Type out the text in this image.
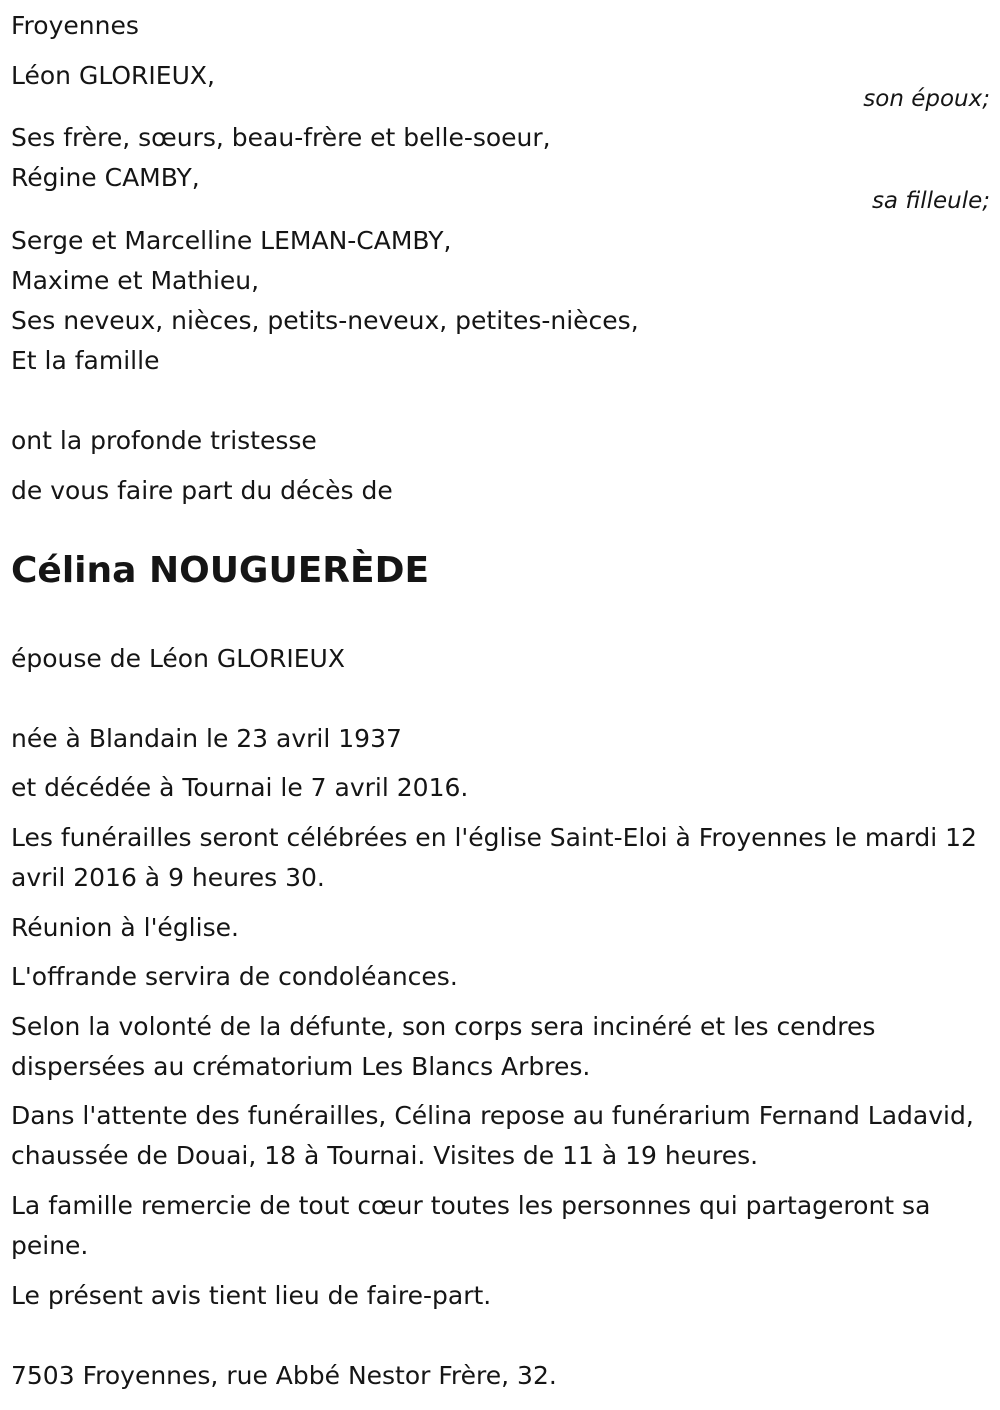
Froyennes

Léon GLORIEUX,

son époux;

Ses frère, sœurs, beau-frère et belle-soeur,

Régine CAMBY,

sa filleule;

Serge et Marcelline LEMAN-CAMBY,

Maxime et Mathieu,

Ses neveux, nièces, petits-neveux, petites-nièces,

Et la famille

ont la profonde tristesse

de vous faire part du décès de

Célina NOUGUERÈDE

épouse de Léon GLORIEUX

née à Blandain le 23 avril 1937

et décédée à Tournai le 7 avril 2016.

Les funérailles seront célébrées en l'église Saint-Eloi à Froyennes le mardi 12 avril 2016 à 9 heures 30.

Réunion à l'église.

L'offrande servira de condoléances.

Selon la volonté de la défunte, son corps sera incinéré et les cendres dispersées au crématorium Les Blancs Arbres.

Dans l'attente des funérailles, Célina repose au funérarium Fernand Ladavid, chaussée de Douai, 18 à Tournai. Visites de 11 à 19 heures.

La famille remercie de tout cœur toutes les personnes qui partageront sa peine.

Le présent avis tient lieu de faire-part.

7503 Froyennes, rue Abbé Nestor Frère, 32.
